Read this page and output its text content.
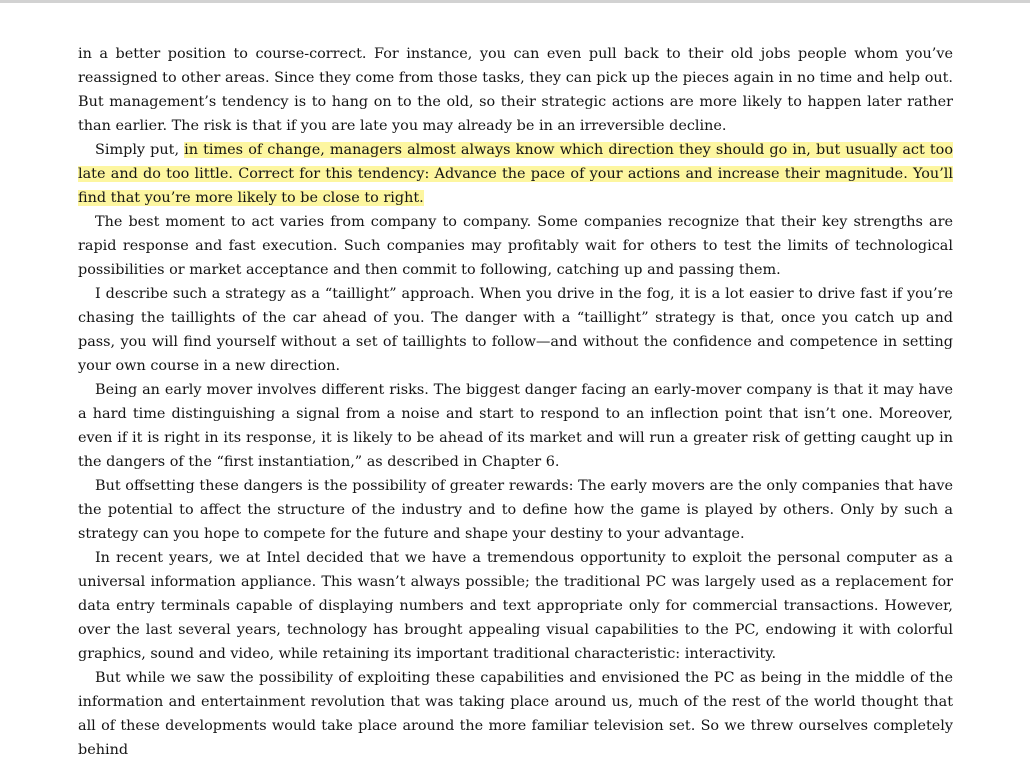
in a better position to course-correct. For instance, you can even pull back to their old jobs people whom you’ve reassigned to other areas. Since they come from those tasks, they can pick up the pieces again in no time and help out. But management’s tendency is to hang on to the old, so their strategic actions are more likely to happen later rather than earlier. The risk is that if you are late you may already be in an irreversible decline.

Simply put, in times of change, managers almost always know which direction they should go in, but usually act too late and do too little. Correct for this tendency: Advance the pace of your actions and increase their magnitude. You’ll find that you’re more likely to be close to right.

The best moment to act varies from company to company. Some companies recognize that their key strengths are rapid response and fast execution. Such companies may profitably wait for others to test the limits of technological possibilities or market acceptance and then commit to following, catching up and passing them.

I describe such a strategy as a “taillight” approach. When you drive in the fog, it is a lot easier to drive fast if you’re chasing the taillights of the car ahead of you. The danger with a “taillight” strategy is that, once you catch up and pass, you will find yourself without a set of taillights to follow—and without the confidence and competence in setting your own course in a new direction.

Being an early mover involves different risks. The biggest danger facing an early-mover company is that it may have a hard time distinguishing a signal from a noise and start to respond to an inflection point that isn’t one. Moreover, even if it is right in its response, it is likely to be ahead of its market and will run a greater risk of getting caught up in the dangers of the “first instantiation,” as described in Chapter 6.

But offsetting these dangers is the possibility of greater rewards: The early movers are the only companies that have the potential to affect the structure of the industry and to define how the game is played by others. Only by such a strategy can you hope to compete for the future and shape your destiny to your advantage.

In recent years, we at Intel decided that we have a tremendous opportunity to exploit the personal computer as a universal information appliance. This wasn’t always possible; the traditional PC was largely used as a replacement for data entry terminals capable of displaying numbers and text appropriate only for commercial transactions. However, over the last several years, technology has brought appealing visual capabilities to the PC, endowing it with colorful graphics, sound and video, while retaining its important traditional characteristic: interactivity.

But while we saw the possibility of exploiting these capabilities and envisioned the PC as being in the middle of the information and entertainment revolution that was taking place around us, much of the rest of the world thought that all of these developments would take place around the more familiar television set. So we threw ourselves completely behind
